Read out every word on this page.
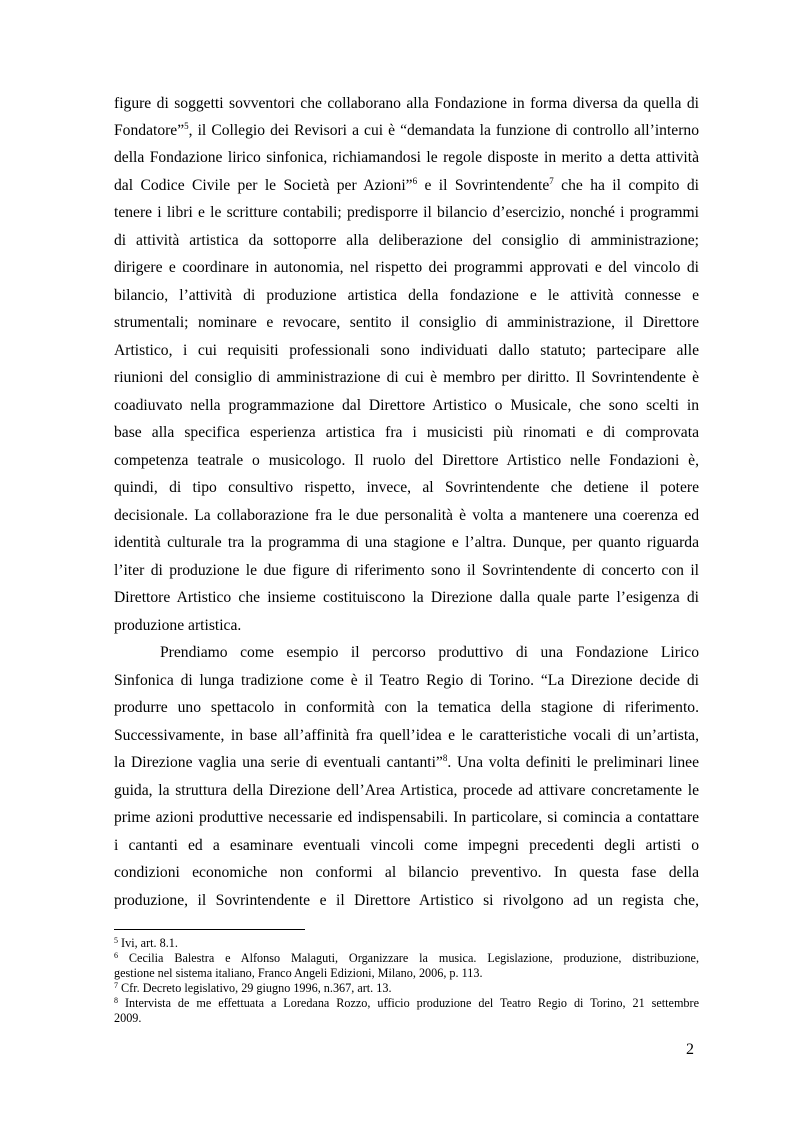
figure di soggetti sovventori che collaborano alla Fondazione in forma diversa da quella di
Fondatore”$^5$, il Collegio dei Revisori a cui è “demandata la funzione di controllo all’interno
della Fondazione lirico sinfonica, richiamandosi le regole disposte in merito a detta attività
dal Codice Civile per le Società per Azioni”$^6$ e il Sovrintendente$^7$ che ha il compito di
tenere i libri e le scritture contabili; predisporre il bilancio d’esercizio, nonché i programmi
di attività artistica da sottoporre alla deliberazione del consiglio di amministrazione;
dirigere e coordinare in autonomia, nel rispetto dei programmi approvati e del vincolo di
bilancio, l’attività di produzione artistica della fondazione e le attività connesse e
strumentali; nominare e revocare, sentito il consiglio di amministrazione, il Direttore
Artistico, i cui requisiti professionali sono individuati dallo statuto; partecipare alle
riunioni del consiglio di amministrazione di cui è membro per diritto. Il Sovrintendente è
coadiuvato nella programmazione dal Direttore Artistico o Musicale, che sono scelti in
base alla specifica esperienza artistica fra i musicisti più rinomati e di comprovata
competenza teatrale o musicologo. Il ruolo del Direttore Artistico nelle Fondazioni è,
quindi, di tipo consultivo rispetto, invece, al Sovrintendente che detiene il potere
decisionale. La collaborazione fra le due personalità è volta a mantenere una coerenza ed
identità culturale tra la programma di una stagione e l’altra. Dunque, per quanto riguarda
l’iter di produzione le due figure di riferimento sono il Sovrintendente di concerto con il
Direttore Artistico che insieme costituiscono la Direzione dalla quale parte l’esigenza di
produzione artistica.
Prendiamo come esempio il percorso produttivo di una Fondazione Lirico
Sinfonica di lunga tradizione come è il Teatro Regio di Torino. “La Direzione decide di
produrre uno spettacolo in conformità con la tematica della stagione di riferimento.
Successivamente, in base all’affinità fra quell’idea e le caratteristiche vocali di un’artista,
la Direzione vaglia una serie di eventuali cantanti”$^8$. Una volta definiti le preliminari linee
guida, la struttura della Direzione dell’Area Artistica, procede ad attivare concretamente le
prime azioni produttive necessarie ed indispensabili. In particolare, si comincia a contattare
i cantanti ed a esaminare eventuali vincoli come impegni precedenti degli artisti o
condizioni economiche non conformi al bilancio preventivo. In questa fase della
produzione, il Sovrintendente e il Direttore Artistico si rivolgono ad un regista che,
$^5$ Ivi, art. 8.1.
$^6$ Cecilia Balestra e Alfonso Malaguti, Organizzare la musica. Legislazione, produzione, distribuzione,
gestione nel sistema italiano, Franco Angeli Edizioni, Milano, 2006, p. 113.
$^7$ Cfr. Decreto legislativo, 29 giugno 1996, n.367, art. 13.
$^8$ Intervista de me effettuata a Loredana Rozzo, ufficio produzione del Teatro Regio di Torino, 21 settembre
2009.
2
